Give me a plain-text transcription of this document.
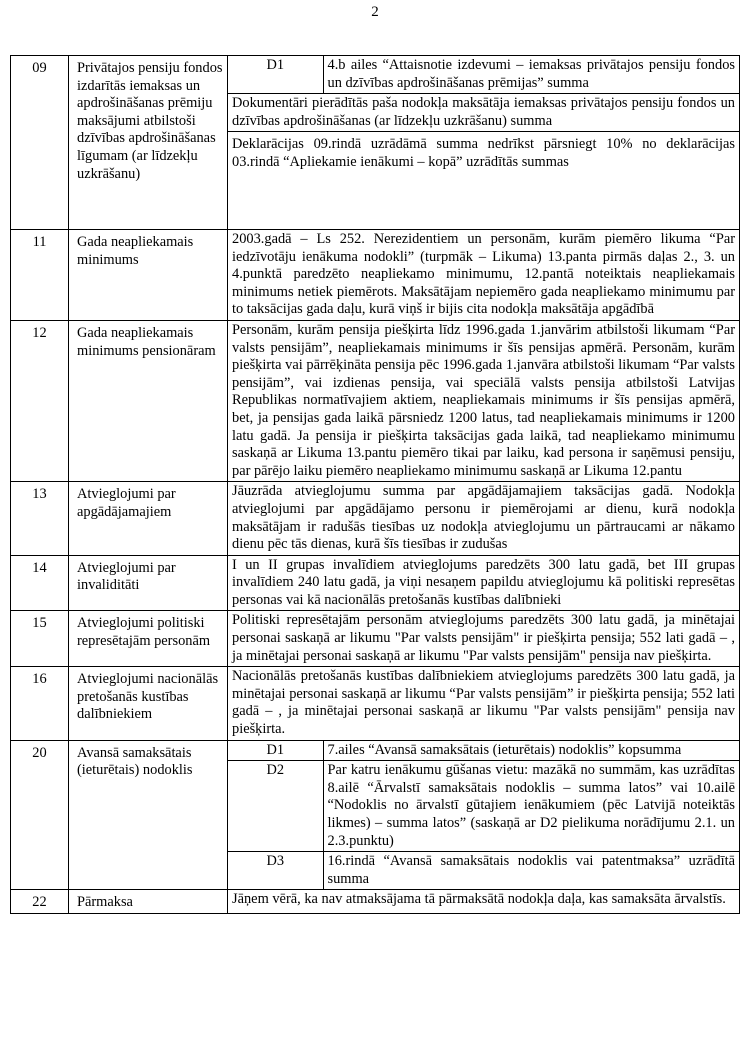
2
09	Privātajos pensiju fondos izdarītās iemaksas un apdrošināšanas prēmiju maksājumi atbilstoši dzīvības apdrošināšanas līgumam (ar līdzekļu uzkrāšanu)	
D1	4.b ailes “Attaisnotie izdevumi – iemaksas privātajos pensiju fondos un dzīvības apdrošināšanas prēmijas” summa
Dokumentāri pierādītās paša nodokļa maksātāja iemaksas privātajos pensiju fondos un dzīvības apdrošināšanas (ar līdzekļu uzkrāšanu) summa
Deklarācijas 09.rindā uzrādāmā summa nedrīkst pārsniegt 10% no deklarācijas 03.rindā “Apliekamie ienākumi – kopā” uzrādītās summas

11	Gada neapliekamais minimums	2003.gadā – Ls 252. Nerezidentiem un personām, kurām piemēro likuma “Par iedzīvotāju ienākuma nodokli” (turpmāk – Likuma) 13.panta pirmās daļas 2., 3. un 4.punktā paredzēto neapliekamo minimumu, 12.pantā noteiktais neapliekamais minimums netiek piemērots. Maksātājam nepiemēro gada neapliekamo minimumu par to taksācijas gada daļu, kurā viņš ir bijis cita nodokļa maksātāja apgādībā
12	Gada neapliekamais minimums pensionāram	Personām, kurām pensija piešķirta līdz 1996.gada 1.janvārim atbilstoši likumam “Par valsts pensijām”, neapliekamais minimums ir šīs pensijas apmērā. Personām, kurām piešķirta vai pārrēķināta pensija pēc 1996.gada 1.janvāra atbilstoši likumam “Par valsts pensijām”, vai izdienas pensija, vai speciālā valsts pensija atbilstoši Latvijas Republikas normatīvajiem aktiem, neapliekamais minimums ir šīs pensijas apmērā, bet, ja pensijas gada laikā pārsniedz 1200 latus, tad neapliekamais minimums ir 1200 latu gadā. Ja pensija ir piešķirta taksācijas gada laikā, tad neapliekamo minimumu saskaņā ar Likuma 13.pantu piemēro tikai par laiku, kad persona ir saņēmusi pensiju, par pārējo laiku piemēro neapliekamo minimumu saskaņā ar Likuma 12.pantu
13	Atvieglojumi par apgādājamajiem	Jāuzrāda atvieglojumu summa par apgādājamajiem taksācijas gadā. Nodokļa atvieglojumi par apgādājamo personu ir piemērojami ar dienu, kurā nodokļa maksātājam ir radušās tiesības uz nodokļa atvieglojumu un pārtraucami ar nākamo dienu pēc tās dienas, kurā šīs tiesības ir zudušas
14	Atvieglojumi par invaliditāti	I un II grupas invalīdiem atvieglojums paredzēts 300 latu gadā, bet III grupas invalīdiem 240 latu gadā, ja viņi nesaņem papildu atvieglojumu kā politiski represētas personas vai kā nacionālās pretošanās kustības dalībnieki
15	Atvieglojumi politiski represētajām personām	Politiski represētajām personām atvieglojums paredzēts 300 latu gadā, ja minētajai personai saskaņā ar likumu "Par valsts pensijām" ir piešķirta pensija; 552 lati gadā – , ja minētajai personai saskaņā ar likumu "Par valsts pensijām" pensija nav piešķirta.
16	Atvieglojumi nacionālās pretošanās kustības dalībniekiem	Nacionālās pretošanās kustības dalībniekiem atvieglojums paredzēts 300 latu gadā, ja minētajai personai saskaņā ar likumu “Par valsts pensijām” ir piešķirta pensija; 552 lati gadā – , ja minētajai personai saskaņā ar likumu "Par valsts pensijām" pensija nav piešķirta.
20	Avansā samaksātais (ieturētais) nodoklis	
D1	7.ailes “Avansā samaksātais (ieturētais) nodoklis” kopsumma
D2	Par katru ienākumu gūšanas vietu: mazākā no summām, kas uzrādītas 8.ailē “Ārvalstī samaksātais nodoklis – summa latos” vai 10.ailē “Nodoklis no ārvalstī gūtajiem ienākumiem (pēc Latvijā noteiktās likmes) – summa latos” (saskaņā ar D2 pielikuma norādījumu 2.1. un 2.3.punktu)
D3	16.rindā “Avansā samaksātais nodoklis vai patentmaksa” uzrādītā summa

22	Pārmaksa	Jāņem vērā, ka nav atmaksājama tā pārmaksātā nodokļa daļa, kas samaksāta ārvalstīs.
